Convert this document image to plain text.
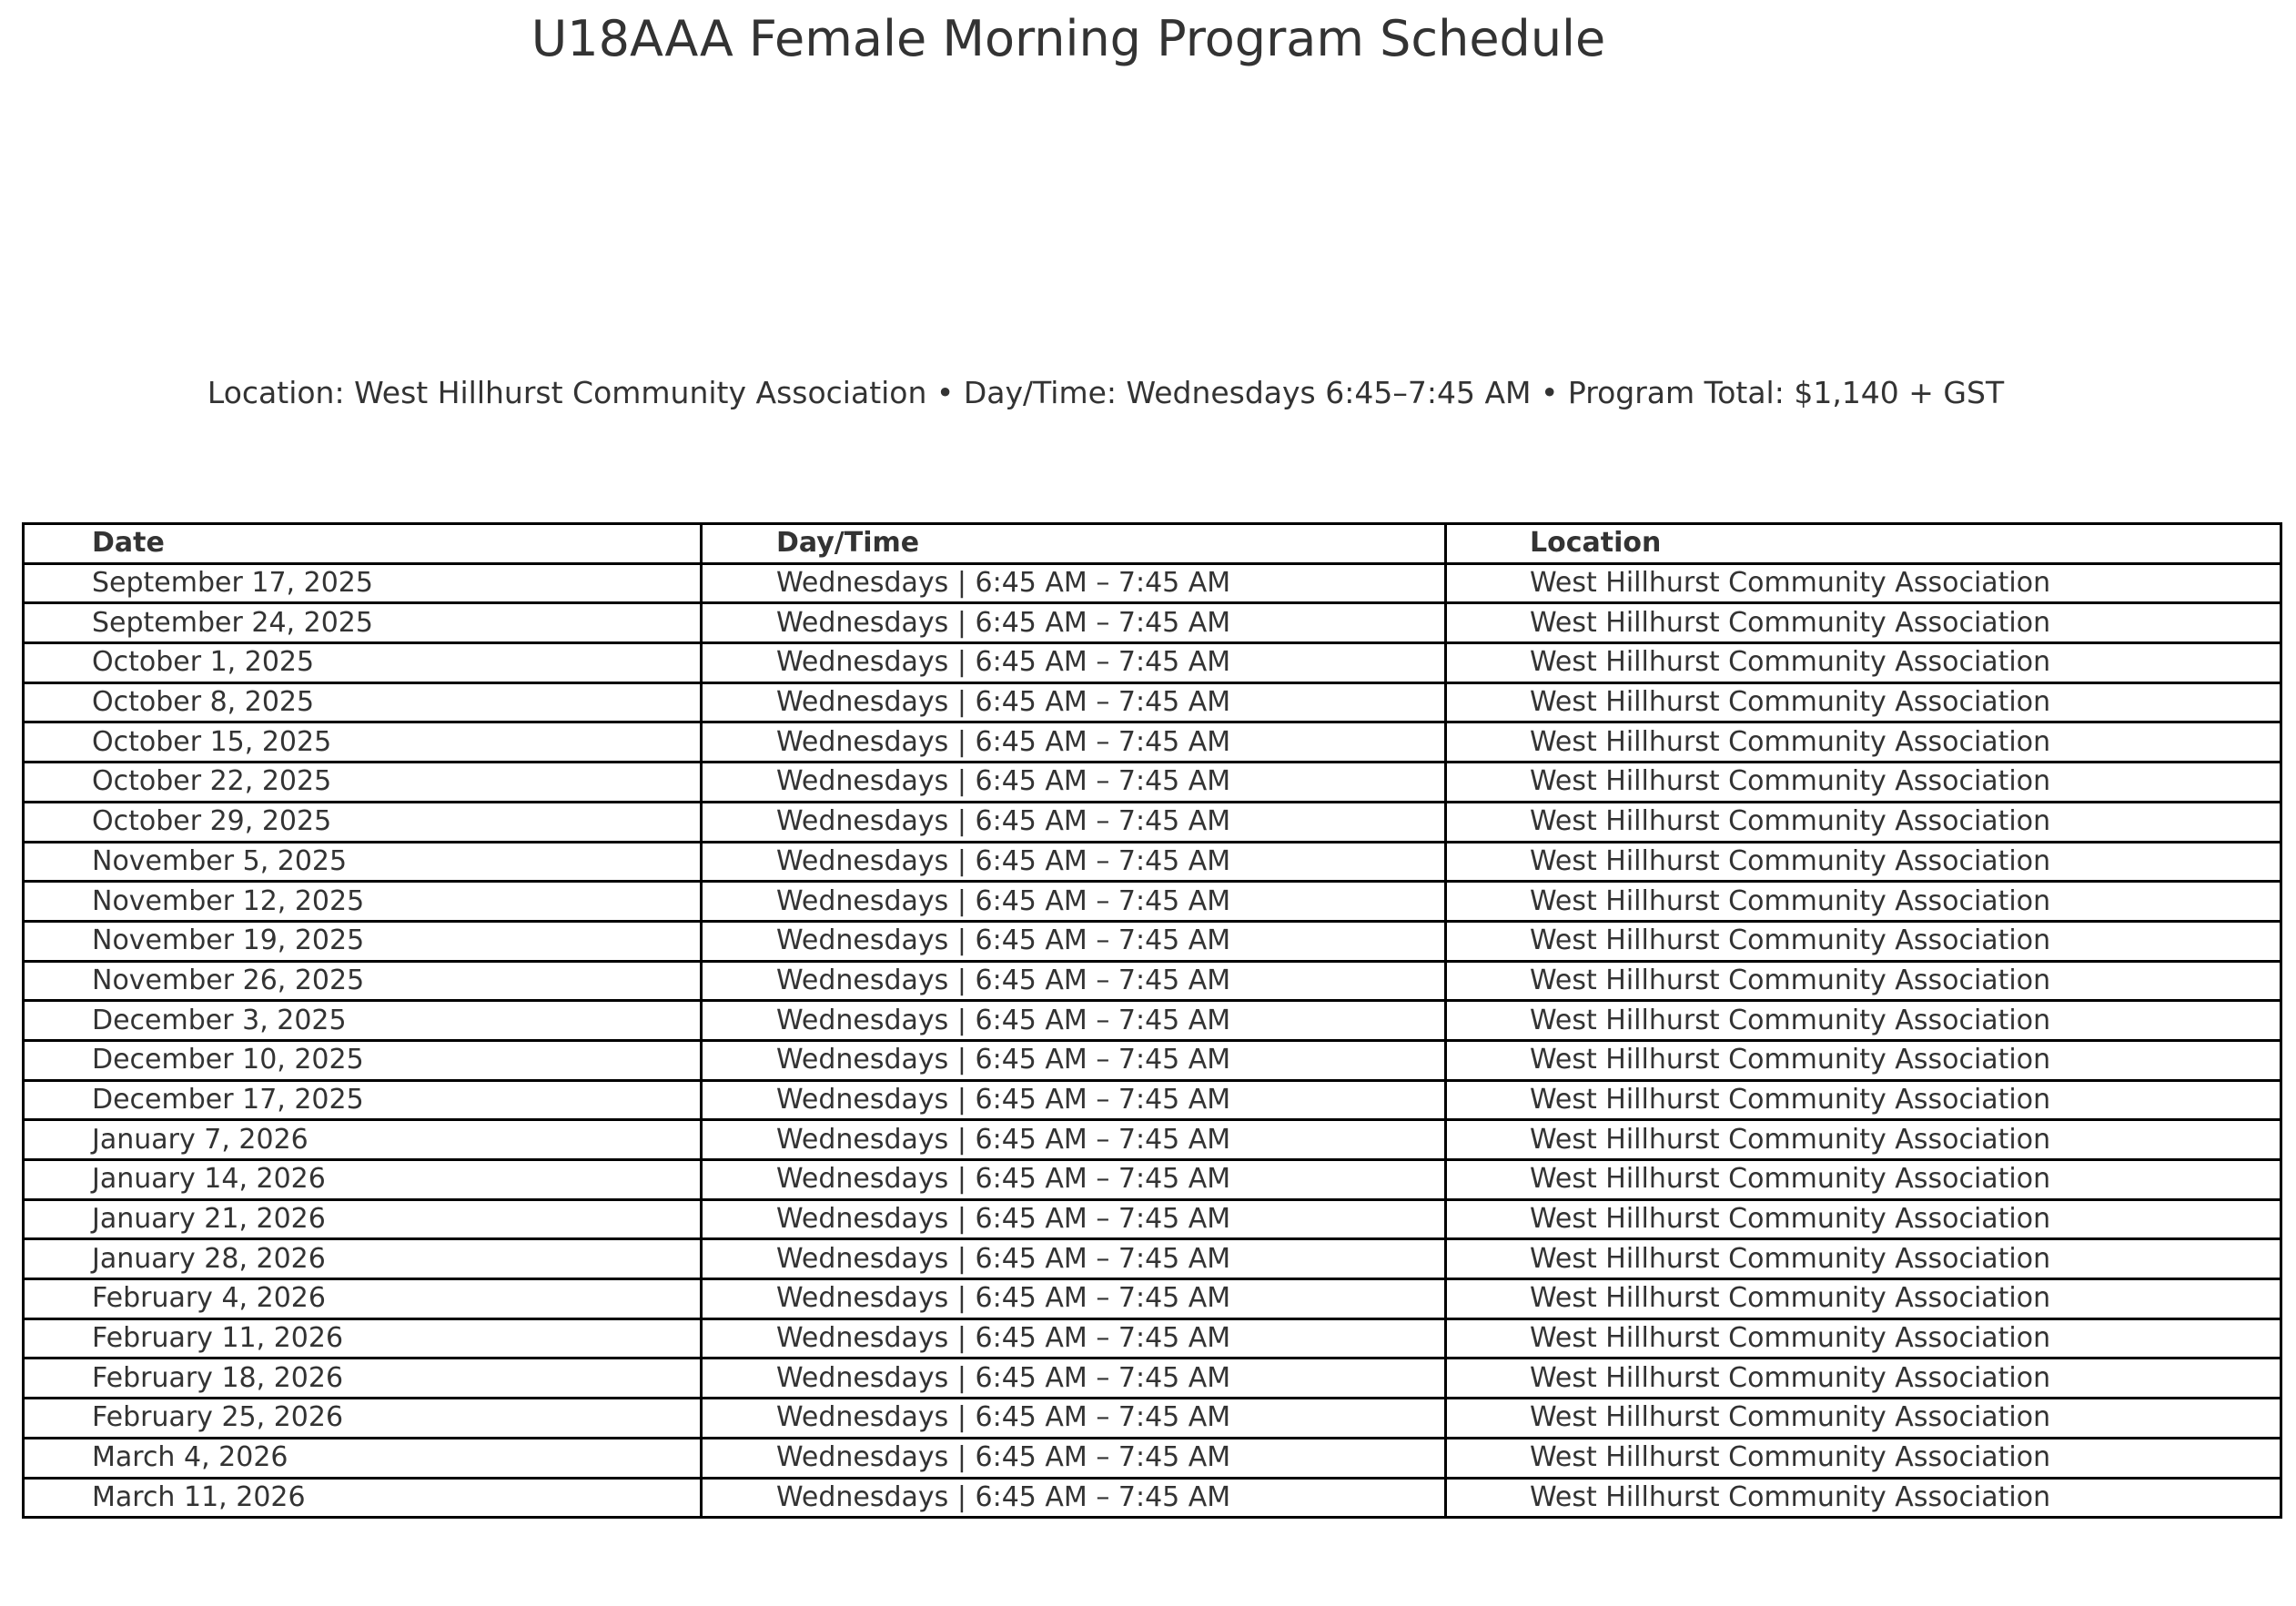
U18AAA Female Morning Program Schedule
Location: West Hillhurst Community Association • Day/Time: Wednesdays 6:45–7:45 AM • Program Total: $1,140 + GST
Date	Day/Time	Location
September 17, 2025	Wednesdays | 6:45 AM – 7:45 AM	West Hillhurst Community Association
September 24, 2025	Wednesdays | 6:45 AM – 7:45 AM	West Hillhurst Community Association
October 1, 2025	Wednesdays | 6:45 AM – 7:45 AM	West Hillhurst Community Association
October 8, 2025	Wednesdays | 6:45 AM – 7:45 AM	West Hillhurst Community Association
October 15, 2025	Wednesdays | 6:45 AM – 7:45 AM	West Hillhurst Community Association
October 22, 2025	Wednesdays | 6:45 AM – 7:45 AM	West Hillhurst Community Association
October 29, 2025	Wednesdays | 6:45 AM – 7:45 AM	West Hillhurst Community Association
November 5, 2025	Wednesdays | 6:45 AM – 7:45 AM	West Hillhurst Community Association
November 12, 2025	Wednesdays | 6:45 AM – 7:45 AM	West Hillhurst Community Association
November 19, 2025	Wednesdays | 6:45 AM – 7:45 AM	West Hillhurst Community Association
November 26, 2025	Wednesdays | 6:45 AM – 7:45 AM	West Hillhurst Community Association
December 3, 2025	Wednesdays | 6:45 AM – 7:45 AM	West Hillhurst Community Association
December 10, 2025	Wednesdays | 6:45 AM – 7:45 AM	West Hillhurst Community Association
December 17, 2025	Wednesdays | 6:45 AM – 7:45 AM	West Hillhurst Community Association
January 7, 2026	Wednesdays | 6:45 AM – 7:45 AM	West Hillhurst Community Association
January 14, 2026	Wednesdays | 6:45 AM – 7:45 AM	West Hillhurst Community Association
January 21, 2026	Wednesdays | 6:45 AM – 7:45 AM	West Hillhurst Community Association
January 28, 2026	Wednesdays | 6:45 AM – 7:45 AM	West Hillhurst Community Association
February 4, 2026	Wednesdays | 6:45 AM – 7:45 AM	West Hillhurst Community Association
February 11, 2026	Wednesdays | 6:45 AM – 7:45 AM	West Hillhurst Community Association
February 18, 2026	Wednesdays | 6:45 AM – 7:45 AM	West Hillhurst Community Association
February 25, 2026	Wednesdays | 6:45 AM – 7:45 AM	West Hillhurst Community Association
March 4, 2026	Wednesdays | 6:45 AM – 7:45 AM	West Hillhurst Community Association
March 11, 2026	Wednesdays | 6:45 AM – 7:45 AM	West Hillhurst Community Association
